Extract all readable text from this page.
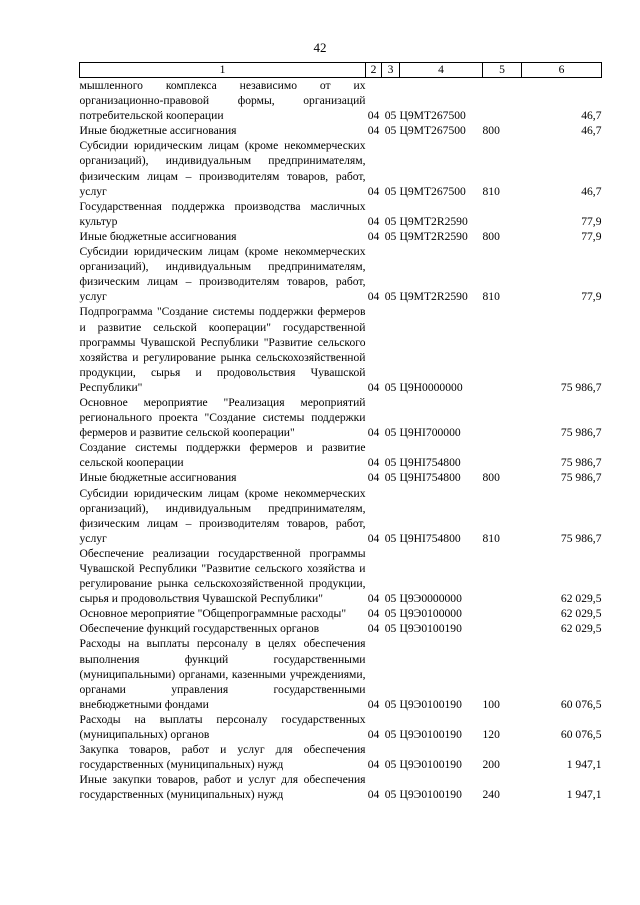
42
1	2	3	4	5	6
мышленного комплекса независимо от их организационно-правовой формы, организаций потребительской кооперации	04	05	Ц9МТ267500		46,7
Иные бюджетные ассигнования	04	05	Ц9МТ267500	800	46,7
Субсидии юридическим лицам (кроме некоммерческих организаций), индивидуальным предпринимателям, физическим лицам – производителям товаров, работ, услуг	04	05	Ц9МТ267500	810	46,7
Государственная поддержка производства масличных культур	04	05	Ц9МТ2R2590		77,9
Иные бюджетные ассигнования	04	05	Ц9МТ2R2590	800	77,9
Субсидии юридическим лицам (кроме некоммерческих организаций), индивидуальным предпринимателям, физическим лицам – производителям товаров, работ, услуг	04	05	Ц9МТ2R2590	810	77,9
Подпрограмма "Создание системы поддержки фермеров и развитие сельской кооперации" государственной программы Чувашской Республики "Развитие сельского хозяйства и регулирование рынка сельскохозяйственной продукции, сырья и продовольствия Чувашской Республики"	04	05	Ц9Н0000000		75 986,7
Основное мероприятие "Реализация мероприятий регионального проекта "Создание системы поддержки фермеров и развитие сельской кооперации"	04	05	Ц9НI700000		75 986,7
Создание системы поддержки фермеров и развитие сельской кооперации	04	05	Ц9НI754800		75 986,7
Иные бюджетные ассигнования	04	05	Ц9НI754800	800	75 986,7
Субсидии юридическим лицам (кроме некоммерческих организаций), индивидуальным предпринимателям, физическим лицам – производителям товаров, работ, услуг	04	05	Ц9НI754800	810	75 986,7
Обеспечение реализации государственной программы Чувашской Республики "Развитие сельского хозяйства и регулирование рынка сельскохозяйственной продукции, сырья и продовольствия Чувашской Республики"	04	05	Ц9Э0000000		62 029,5
Основное мероприятие "Общепрограммные расходы"	04	05	Ц9Э0100000		62 029,5
Обеспечение функций государственных органов	04	05	Ц9Э0100190		62 029,5
Расходы на выплаты персоналу в целях обеспечения выполнения функций государственными (муниципальными) органами, казенными учреждениями, органами управления государственными внебюджетными фондами	04	05	Ц9Э0100190	100	60 076,5
Расходы на выплаты персоналу государственных (муниципальных) органов	04	05	Ц9Э0100190	120	60 076,5
Закупка товаров, работ и услуг для обеспечения государственных (муниципальных) нужд	04	05	Ц9Э0100190	200	1 947,1
Иные закупки товаров, работ и услуг для обеспечения государственных (муниципальных) нужд	04	05	Ц9Э0100190	240	1 947,1
